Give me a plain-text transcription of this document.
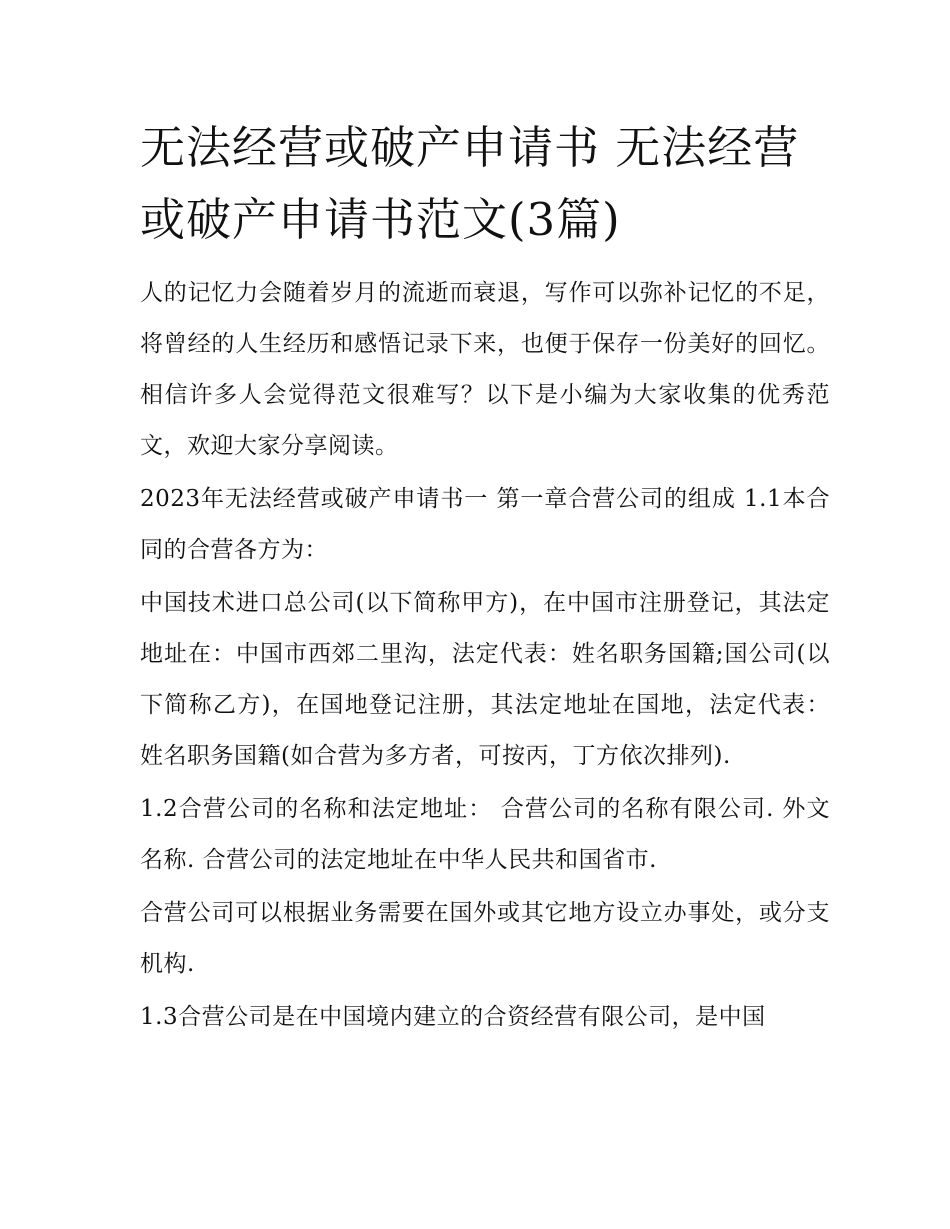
无法经营或破产申请书 无法经营或破产申请书范文(3篇)

人的记忆力会随着岁月的流逝而衰退，写作可以弥补记忆的不足，将曾经的人生经历和感悟记录下来，也便于保存一份美好的回忆。相信许多人会觉得范文很难写？以下是小编为大家收集的优秀范文，欢迎大家分享阅读。

2023年无法经营或破产申请书一 第一章合营公司的组成 1.1本合同的合营各方为：

中国技术进口总公司(以下简称甲方)，在中国市注册登记，其法定地址在：中国市西郊二里沟，法定代表：姓名职务国籍;国公司(以下简称乙方)，在国地登记注册，其法定地址在国地，法定代表：姓名职务国籍(如合营为多方者，可按丙，丁方依次排列).

1.2合营公司的名称和法定地址： 合营公司的名称有限公司. 外文名称. 合营公司的法定地址在中华人民共和国省市.

合营公司可以根据业务需要在国外或其它地方设立办事处，或分支机构.

1.3合营公司是在中国境内建立的合资经营有限公司，是中国
